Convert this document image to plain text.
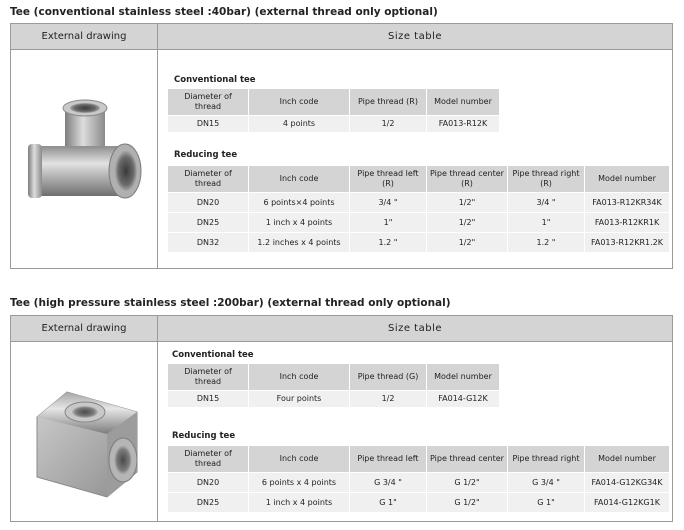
Tee (conventional stainless steel :40bar) (external thread only optional)
External drawing	Size table
Conventional tee
Diameter of thread	Inch code	Pipe thread (R)	Model number
DN15	4 points	1/2	FA013-R12K
Reducing tee
Diameter of thread	Inch code	Pipe thread left (R)	Pipe thread center (R)	Pipe thread right (R)	Model number
DN20	6 points×4 points	3/4 "	1/2"	3/4 "	FA013-R12KR34K
DN25	1 inch x 4 points	1"	1/2"	1"	FA013-R12KR1K
DN32	1.2 inches x 4 points	1.2 "	1/2"	1.2 "	FA013-R12KR1.2K
Tee (high pressure stainless steel :200bar) (external thread only optional)
External drawing	Size table
Conventional tee
Diameter of thread	Inch code	Pipe thread (G)	Model number
DN15	Four points	1/2	FA014-G12K
Reducing tee
Diameter of thread	Inch code	Pipe thread left	Pipe thread center	Pipe thread right	Model number
DN20	6 points x 4 points	G 3/4 "	G 1/2"	G 3/4 "	FA014-G12KG34K
DN25	1 inch x 4 points	G 1"	G 1/2"	G 1"	FA014-G12KG1K
